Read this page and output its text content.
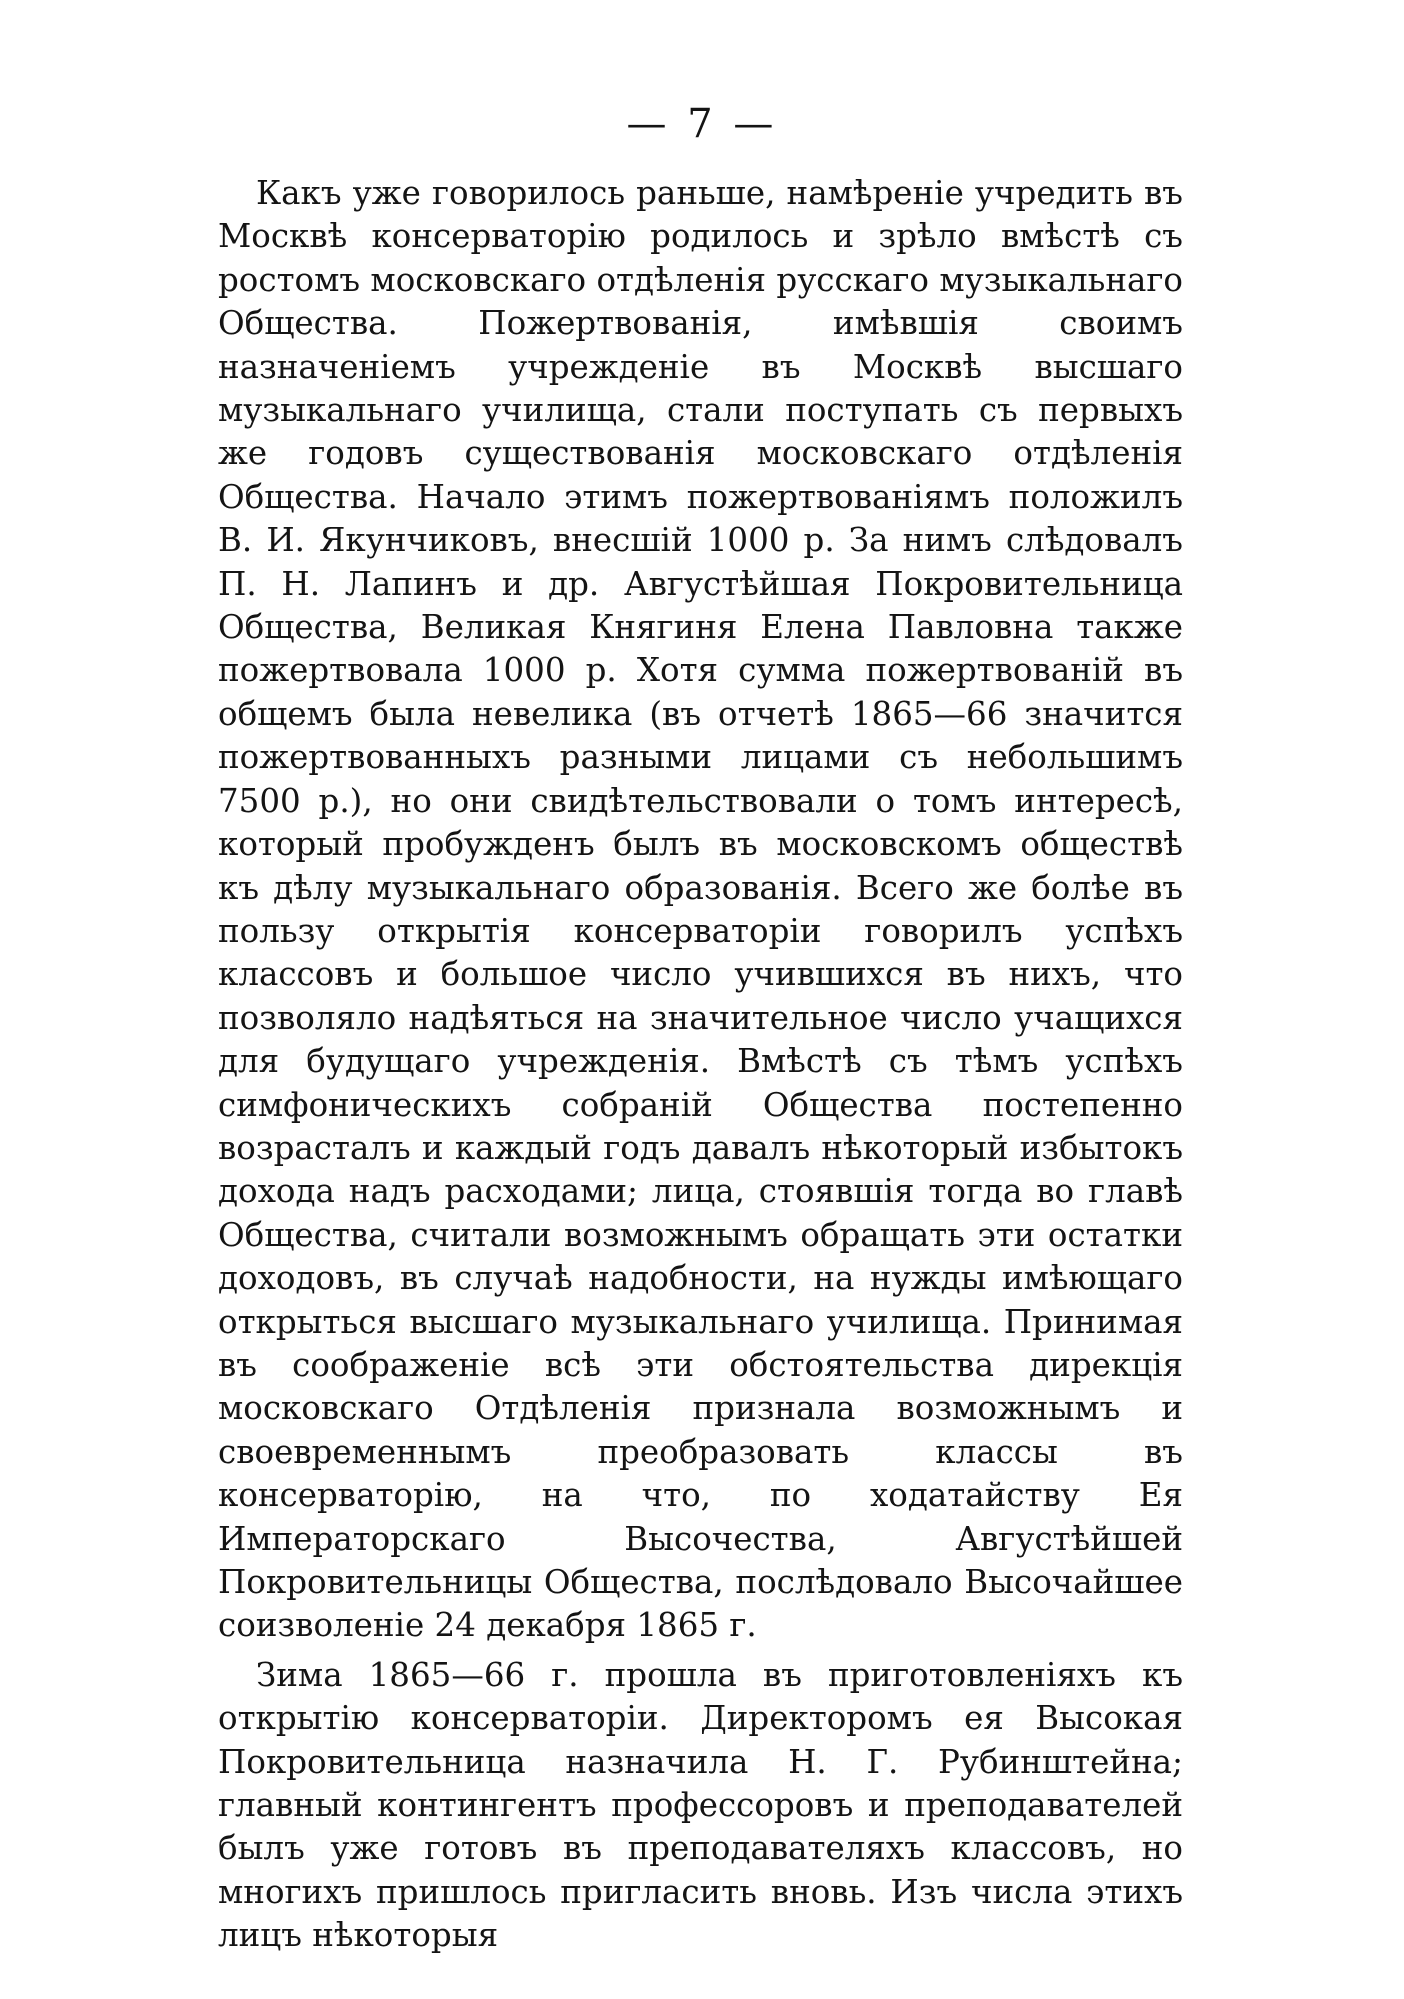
— 7 —

Какъ уже говорилось раньше, намѣреніе учредить въ Москвѣ консерваторію родилось и зрѣло вмѣстѣ съ ростомъ московскаго отдѣленія русскаго музыкальнаго Общества. Пожертвованія, имѣвшія своимъ назначеніемъ учрежденіе въ Москвѣ высшаго музыкальнаго училища, стали поступать съ первыхъ же годовъ существованія московскаго отдѣленія Общества. Начало этимъ пожертвованіямъ положилъ В. И. Якунчиковъ, внесшій 1000 р. За нимъ слѣдовалъ П. Н. Лапинъ и др. Августѣйшая Покровительница Общества, Великая Княгиня Елена Павловна также пожертвовала 1000 р. Хотя сумма пожертвованій въ общемъ была невелика (въ отчетѣ 1865—66 значится пожертвованныхъ разными лицами съ небольшимъ 7500 р.), но они свидѣтельствовали о томъ интересѣ, который пробужденъ былъ въ московскомъ обществѣ къ дѣлу музыкальнаго образованія. Всего же болѣе въ пользу открытія консерваторіи говорилъ успѣхъ классовъ и большое число учившихся въ нихъ, что позволяло надѣяться на значительное число учащихся для будущаго учрежденія. Вмѣстѣ съ тѣмъ успѣхъ симфоническихъ собраній Общества постепенно возрасталъ и каждый годъ давалъ нѣкоторый избытокъ дохода надъ расходами; лица, стоявшія тогда во главѣ Общества, считали возможнымъ обращать эти остатки доходовъ, въ случаѣ надобности, на нужды имѣющаго открыться высшаго музыкальнаго училища. Принимая въ соображеніе всѣ эти обстоятельства дирекція московскаго Отдѣленія признала возможнымъ и своевременнымъ преобразовать классы въ консерваторію, на что, по ходатайству Ея Императорскаго Высочества, Августѣйшей Покровительницы Общества, послѣдовало Высочайшее соизволеніе 24 декабря 1865 г.

Зима 1865—66 г. прошла въ приготовленіяхъ къ открытію консерваторіи. Директоромъ ея Высокая Покровительница назначила Н. Г. Рубинштейна; главный контингентъ профессоровъ и преподавателей былъ уже готовъ въ преподавателяхъ классовъ, но многихъ пришлось пригласить вновь. Изъ числа этихъ лицъ нѣкоторыя
